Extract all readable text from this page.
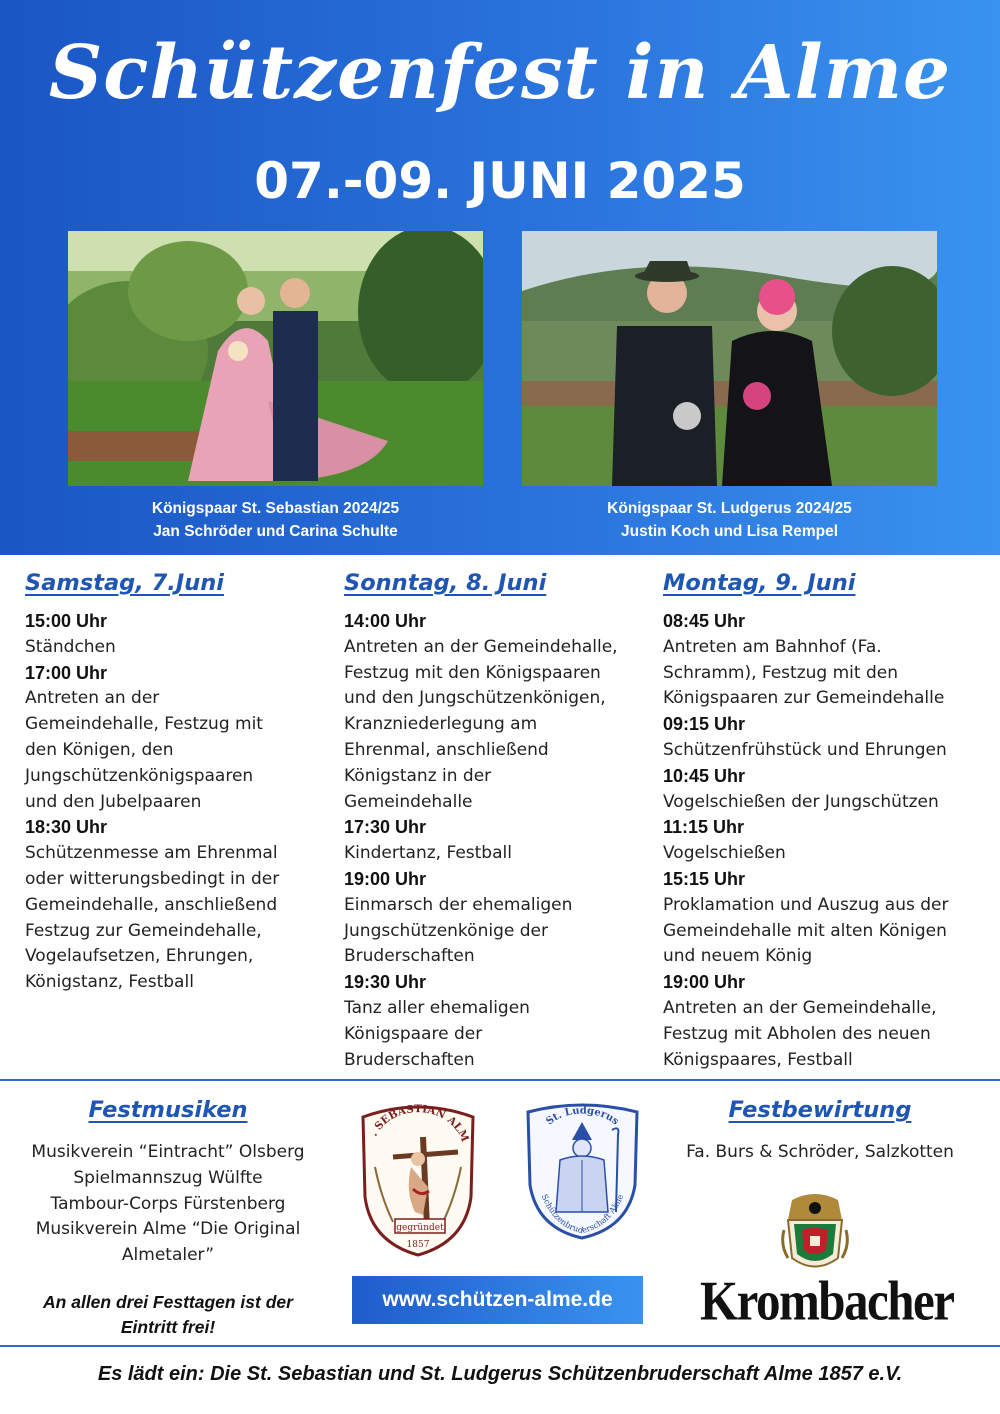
Schützenfest in Alme
07.-09. JUNI 2025
Königspaar St. Sebastian 2024/25
Jan Schröder und Carina Schulte
Königspaar St. Ludgerus 2024/25
Justin Koch und Lisa Rempel
Samstag, 7.Juni
15:00 Uhr
Ständchen
17:00 Uhr
Antreten an der
Gemeindehalle, Festzug mit
den Königen, den
Jungschützenkönigspaaren
und den Jubelpaaren
18:30 Uhr
Schützenmesse am Ehrenmal
oder witterungsbedingt in der
Gemeindehalle, anschließend
Festzug zur Gemeindehalle,
Vogelaufsetzen, Ehrungen,
Königstanz, Festball
Sonntag, 8. Juni
14:00 Uhr
Antreten an der Gemeindehalle,
Festzug mit den Königspaaren
und den Jungschützenkönigen,
Kranzniederlegung am
Ehrenmal, anschließend
Königstanz in der
Gemeindehalle
17:30 Uhr
Kindertanz, Festball
19:00 Uhr
Einmarsch der ehemaligen
Jungschützenkönige der
Bruderschaften
19:30 Uhr
Tanz aller ehemaligen
Königspaare der
Bruderschaften
Montag, 9. Juni
08:45 Uhr
Antreten am Bahnhof (Fa.
Schramm), Festzug mit den
Königspaaren zur Gemeindehalle
09:15 Uhr
Schützenfrühstück und Ehrungen
10:45 Uhr
Vogelschießen der Jungschützen
11:15 Uhr
Vogelschießen
15:15 Uhr
Proklamation und Auszug aus der
Gemeindehalle mit alten Königen
und neuem König
19:00 Uhr
Antreten an der Gemeindehalle,
Festzug mit Abholen des neuen
Königspaares, Festball
Festmusiken
Musikverein “Eintracht” Olsberg
Spielmannszug Wülfte
Tambour-Corps Fürstenberg
Musikverein Alme “Die Original
Almetaler”
An allen drei Festtagen ist der
Eintritt frei!
. SEBASTIAN ALM
gegründet
1857
St. Ludgerus
Schützenbruderschaft Alme
www.schützen-alme.de
Festbewirtung
Fa. Burs & Schröder, Salzkotten
Krombacher
Es lädt ein: Die St. Sebastian und St. Ludgerus Schützenbruderschaft Alme 1857 e.V.
